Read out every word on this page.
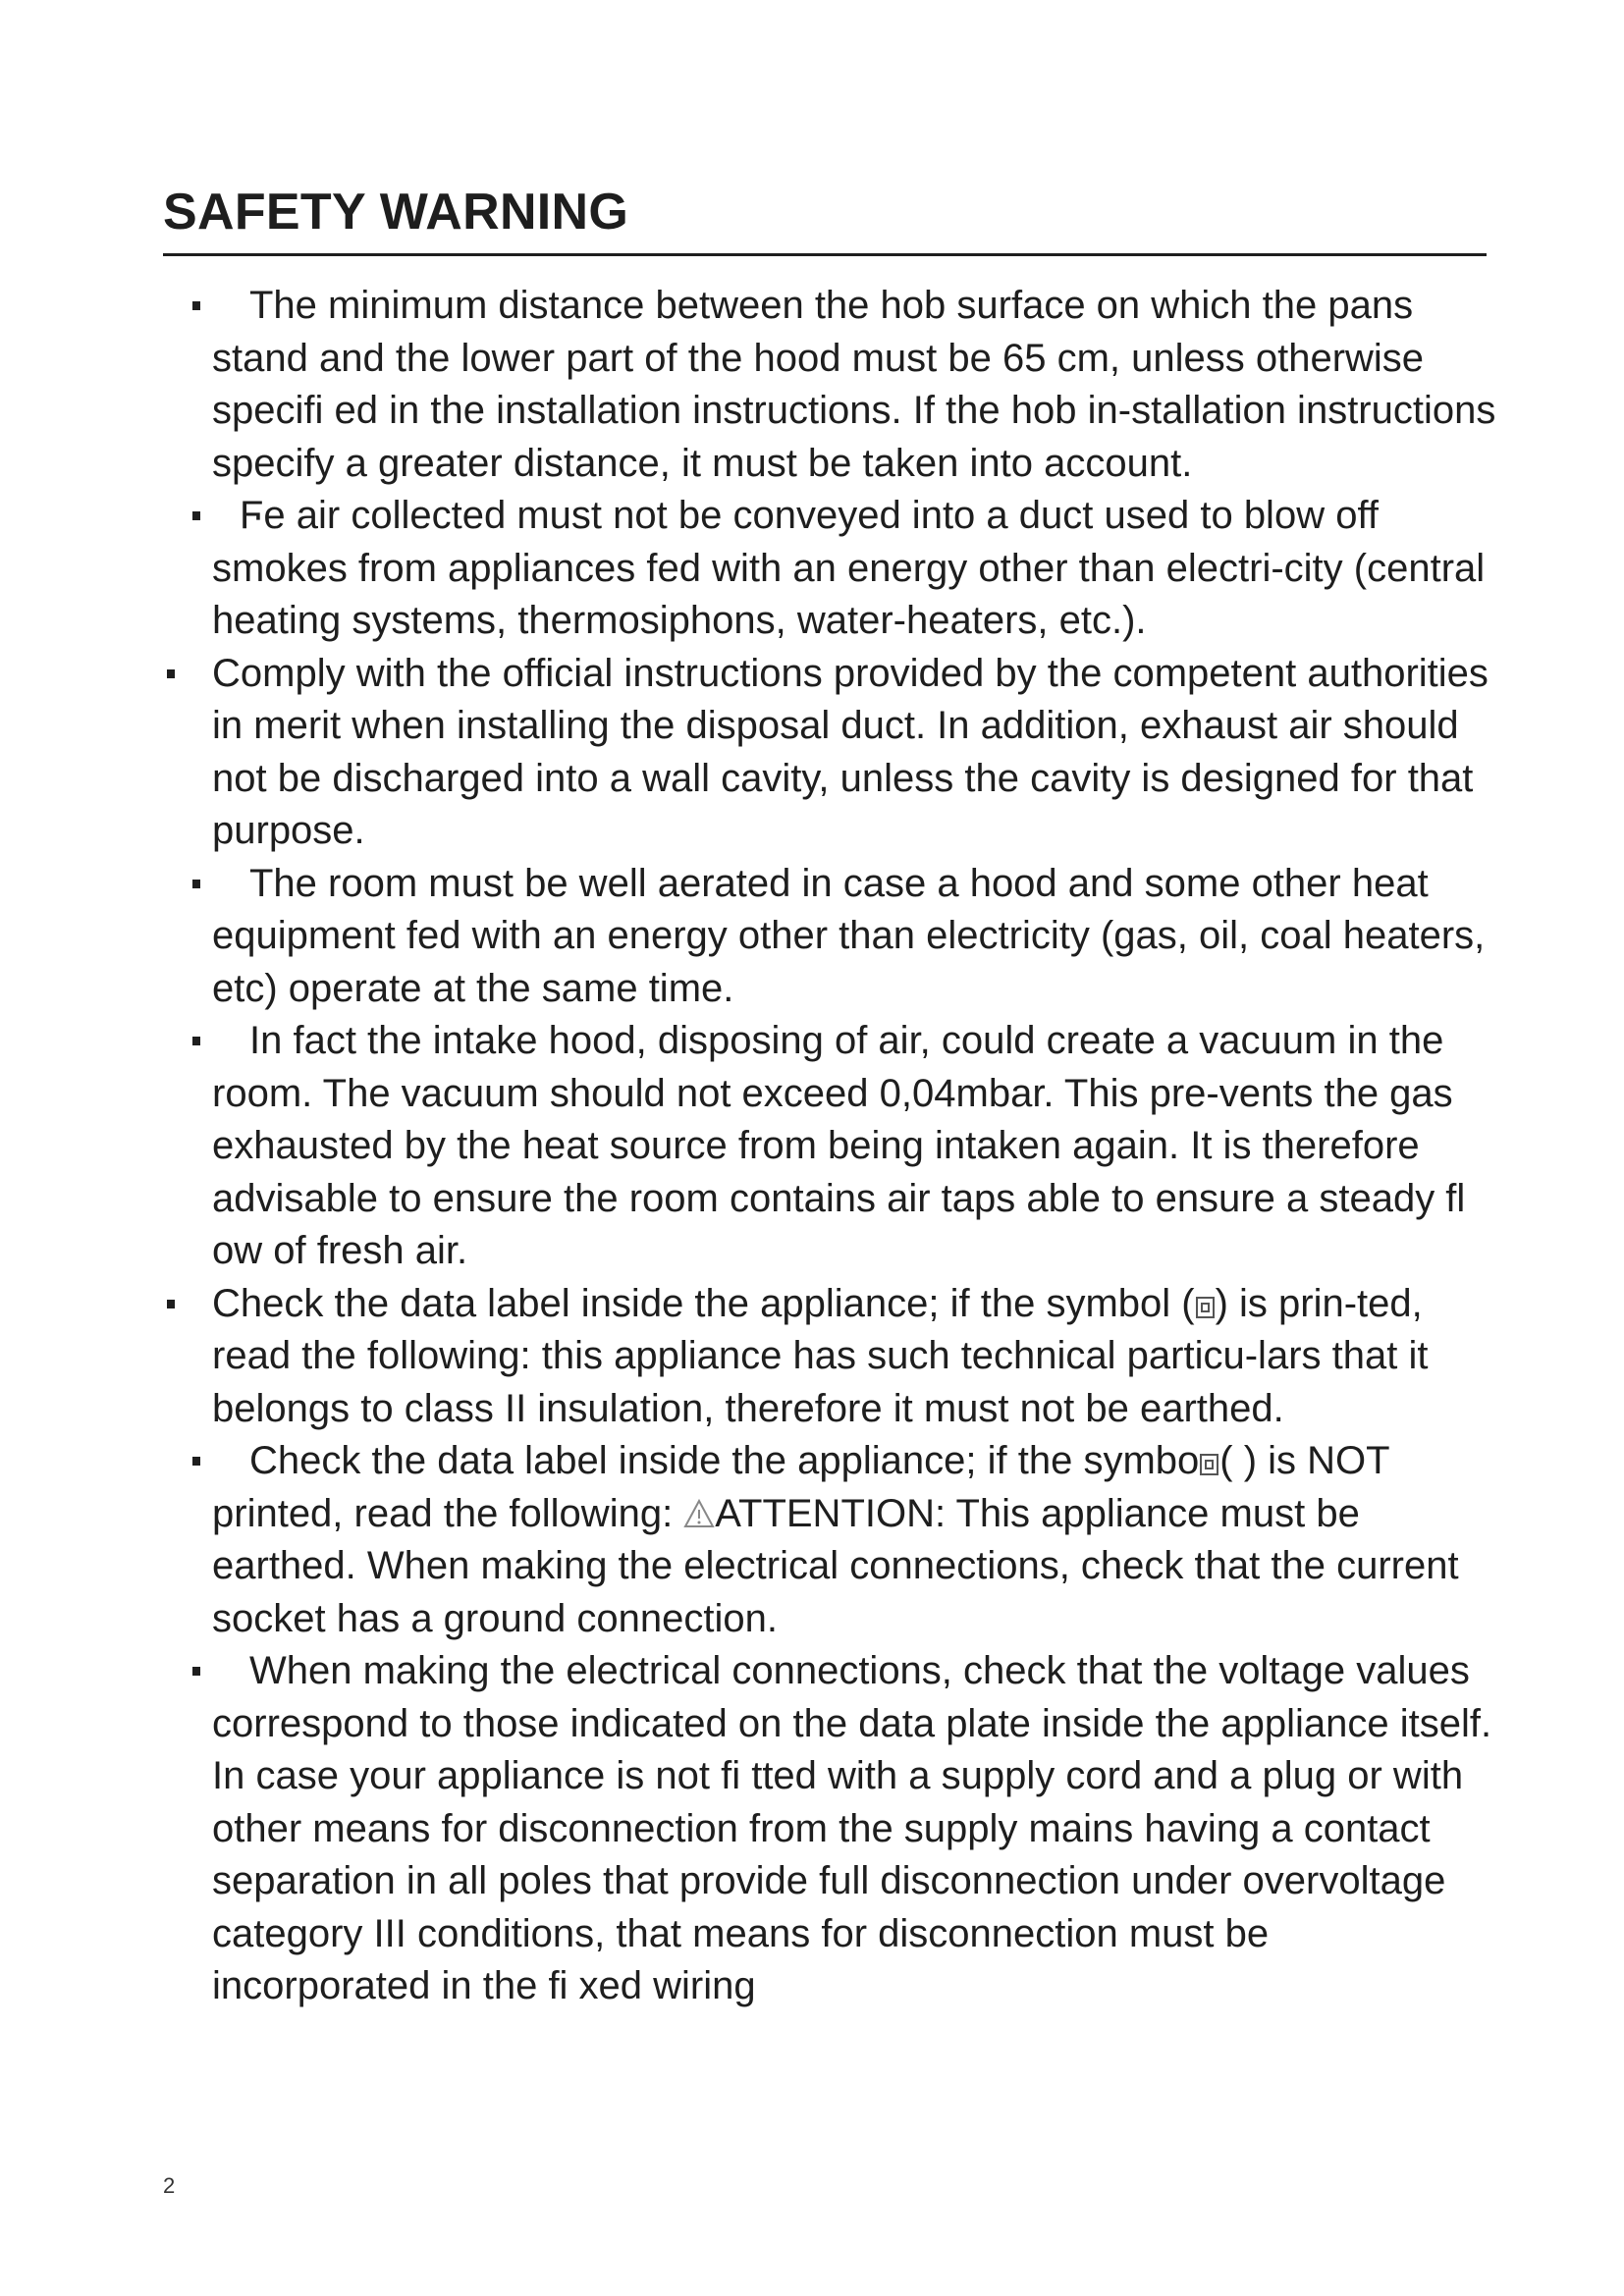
SAFETY WARNING
The minimum distance between the hob surface on which the pans stand and the lower part of the hood must be 65 cm, unless otherwise specifi ed in the installation instructions. If the hob in-stallation instructions specify a greater distance, it must be taken into account.
Ϝe air collected must not be conveyed into a duct used to blow off smokes from appliances fed with an energy other than electri-city (central heating systems, thermosiphons, water-heaters, etc.).
Comply with the official instructions provided by the competent authorities in merit when installing the disposal duct. In addition, exhaust air should not be discharged into a wall cavity, unless the cavity is designed for that purpose.
The room must be well aerated in case a hood and some other heat equipment fed with an energy other than electricity (gas, oil, coal heaters, etc) operate at the same time.
In fact the intake hood, disposing of air, could create a vacuum in the room. The vacuum should not exceed 0,04mbar. This pre-vents the gas exhausted by the heat source from being intaken again. It is therefore advisable to ensure the room contains air taps able to ensure a steady fl ow of fresh air.
Check the data label inside the appliance; if the symbol ( ) is prin-ted, read the following: this appliance has such technical particu-lars that it belongs to class II insulation, therefore it must not be earthed.
Check the data label inside the appliance; if the symbo ( ) is NOT printed, read the following: ATTENTION: This appliance must be earthed. When making the electrical connections, check that the current socket has a ground connection.
When making the electrical connections, check that the voltage values correspond to those indicated on the data plate inside the appliance itself. In case your appliance is not fi tted with a supply cord and a plug or with other means for disconnection from the supply mains having a contact separation in all poles that provide full disconnection under overvoltage category III conditions, that means for disconnection must be incorporated in the fi xed wiring
2
